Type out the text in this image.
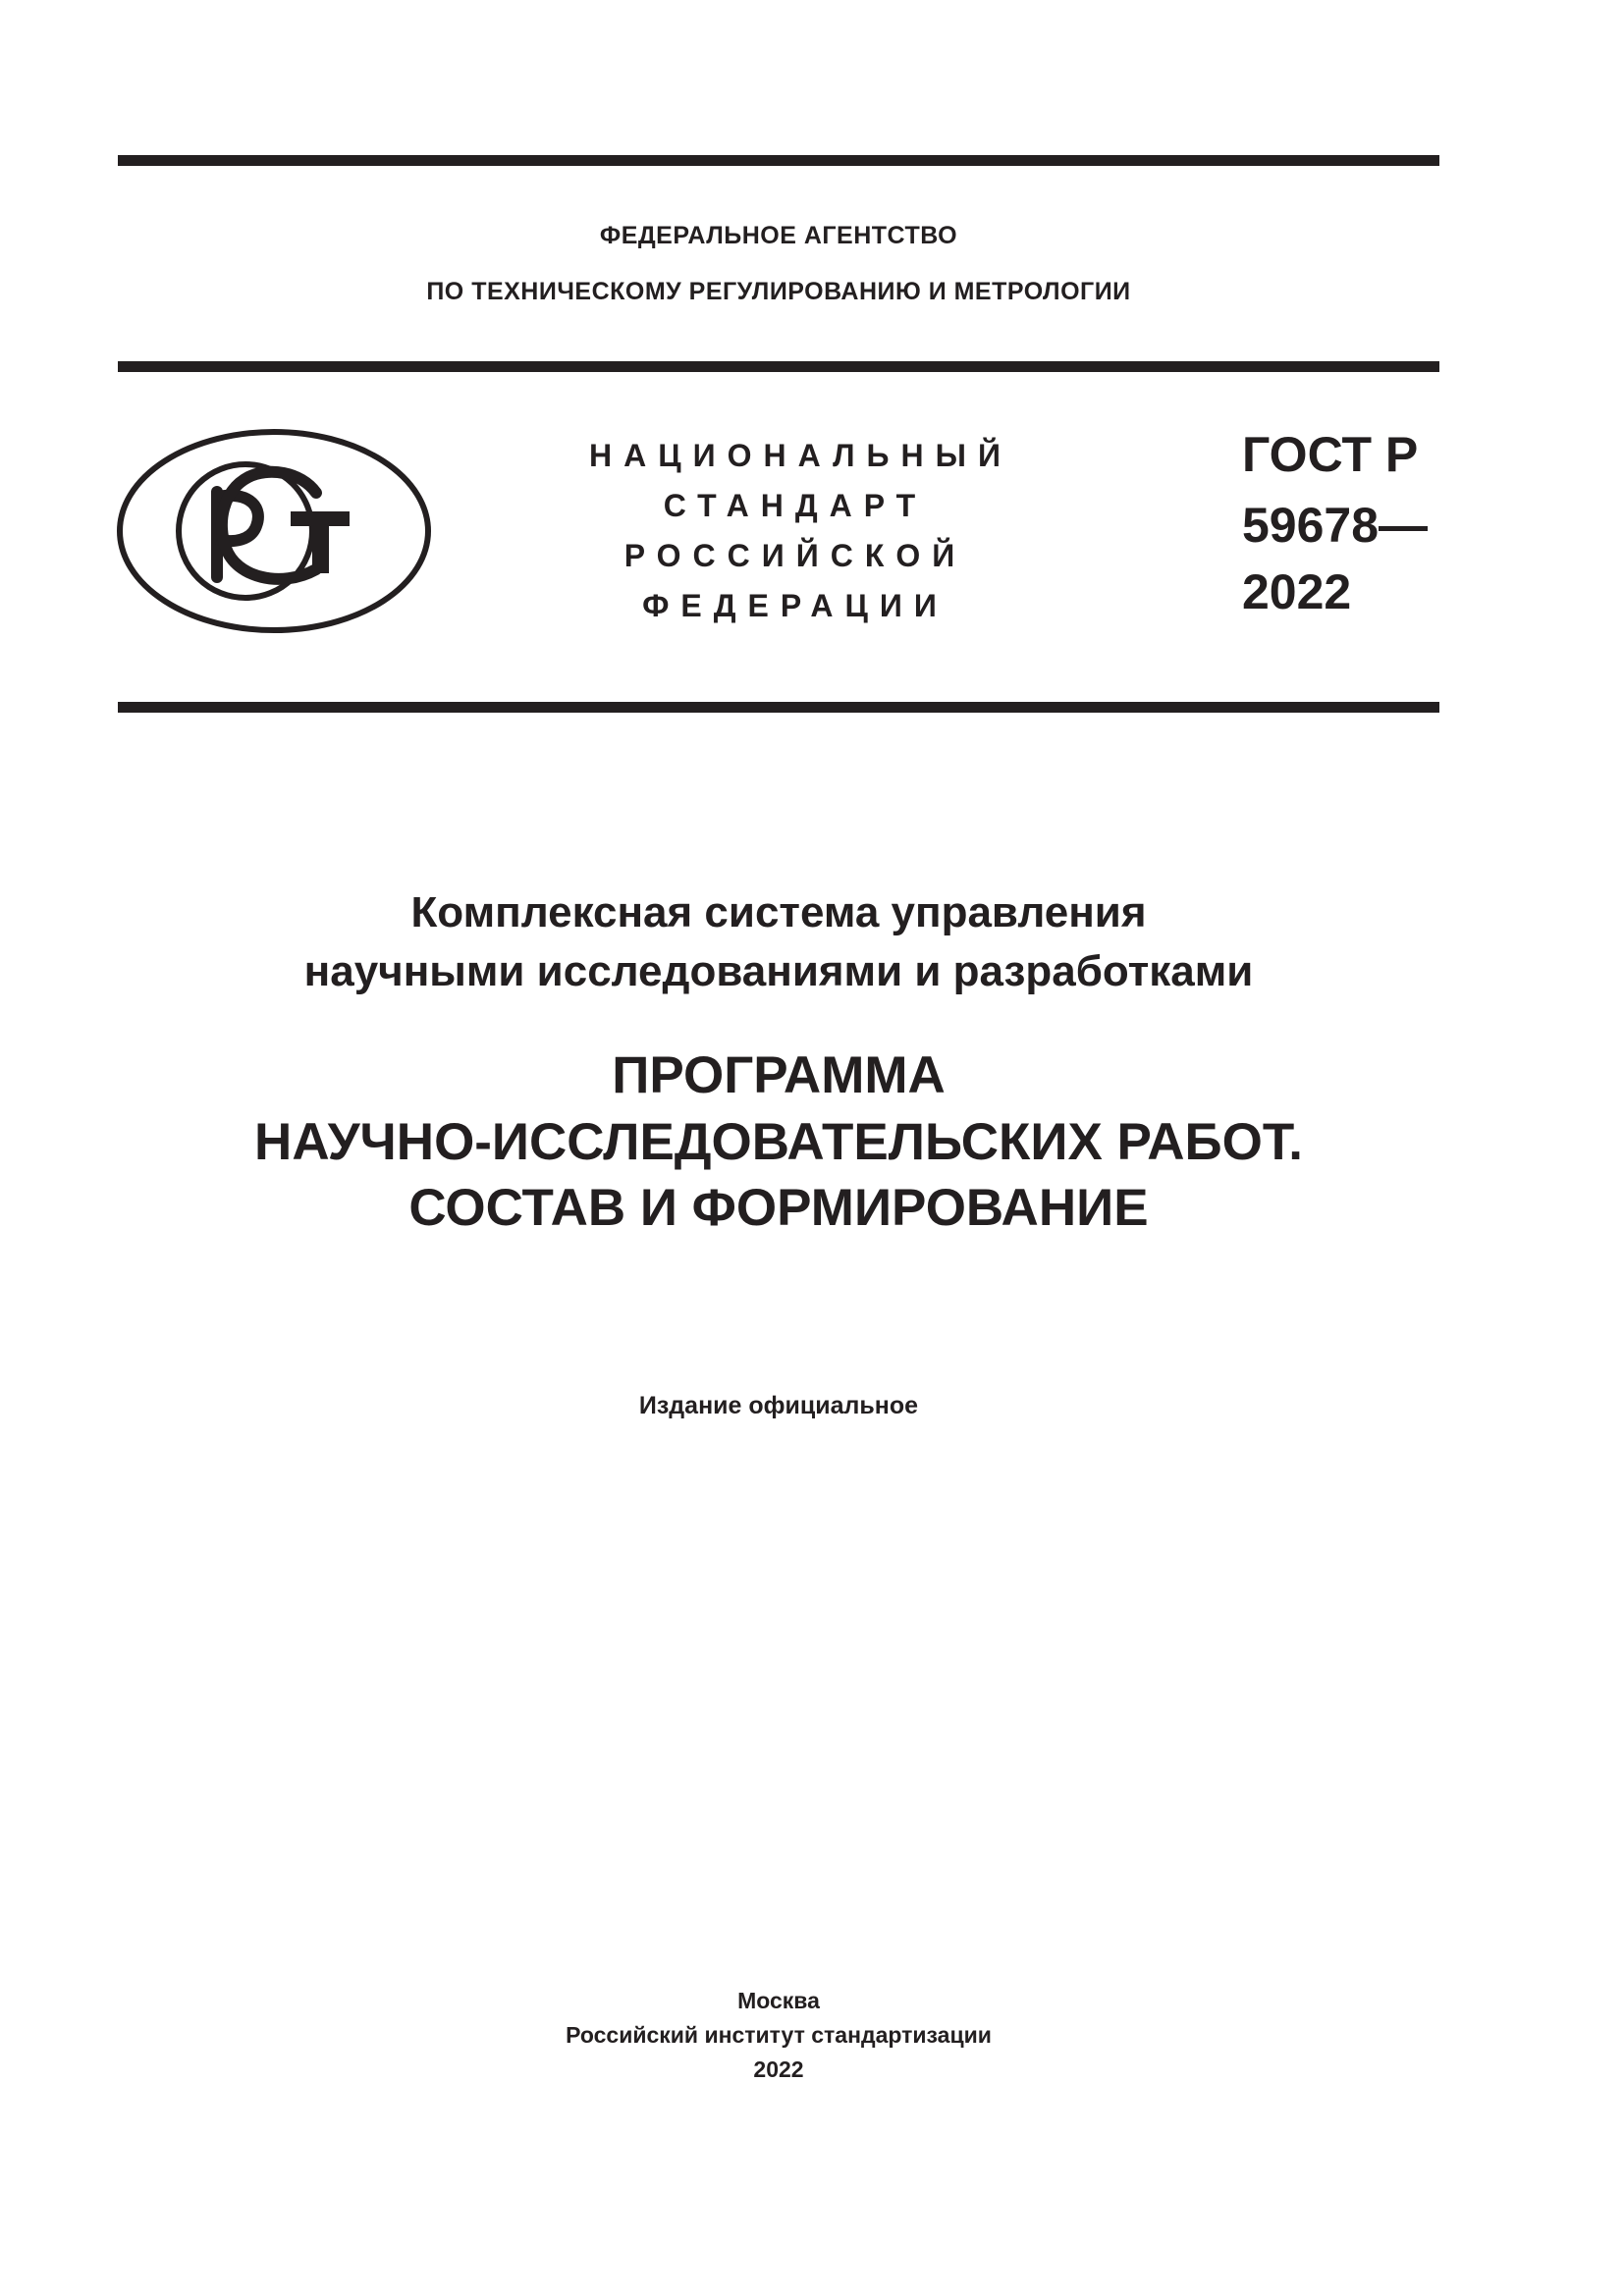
ФЕДЕРАЛЬНОЕ АГЕНТСТВО
ПО ТЕХНИЧЕСКОМУ РЕГУЛИРОВАНИЮ И МЕТРОЛОГИИ
НАЦИОНАЛЬНЫЙ
СТАНДАРТ
РОССИЙСКОЙ
ФЕДЕРАЦИИ
ГОСТ Р
59678—
2022
Комплексная система управления
научными исследованиями и разработками
ПРОГРАММА
НАУЧНО-ИССЛЕДОВАТЕЛЬСКИХ РАБОТ.
СОСТАВ И ФОРМИРОВАНИЕ
Издание официальное
Москва
Российский институт стандартизации
2022
